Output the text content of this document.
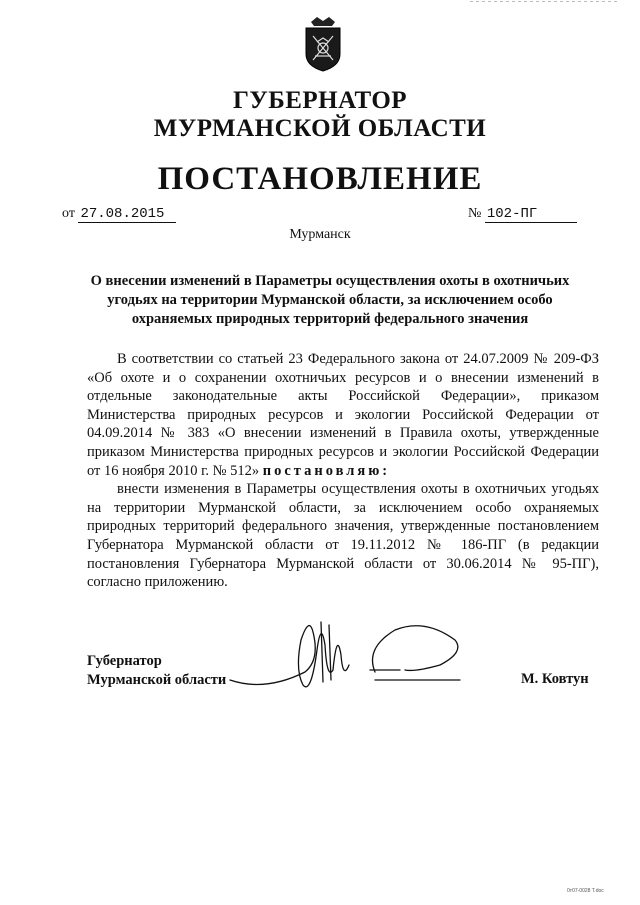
ГУБЕРНАТОР
МУРМАНСКОЙ ОБЛАСТИ
ПОСТАНОВЛЕНИЕ
от 27.08.2015	№ 102-ПГ
Мурманск
О внесении изменений в Параметры осуществления охоты в охотничьих угодьях на территории Мурманской области, за исключением особо охраняемых природных территорий федерального значения

В соответствии со статьей 23 Федерального закона от 24.07.2009 № 209-ФЗ «Об охоте и о сохранении охотничьих ресурсов и о внесении изменений в отдельные законодательные акты Российской Федерации», приказом Министерства природных ресурсов и экологии Российской Федерации от 04.09.2014 № 383 «О внесении изменений в Правила охоты, утвержденные приказом Министерства природных ресурсов и экологии Российской Федерации от 16 ноября 2010 г. № 512» постановляю:

внести изменения в Параметры осуществления охоты в охотничьих угодьях на территории Мурманской области, за исключением особо охраняемых природных территорий федерального значения, утвержденные постановлением Губернатора Мурманской области от 19.11.2012 № 186-ПГ (в редакции постановления Губернатора Мурманской области от 30.06.2014 № 95-ПГ), согласно приложению.

Губернатор
Мурманской области	М. Ковтун
0т07-0028 Т.doc
